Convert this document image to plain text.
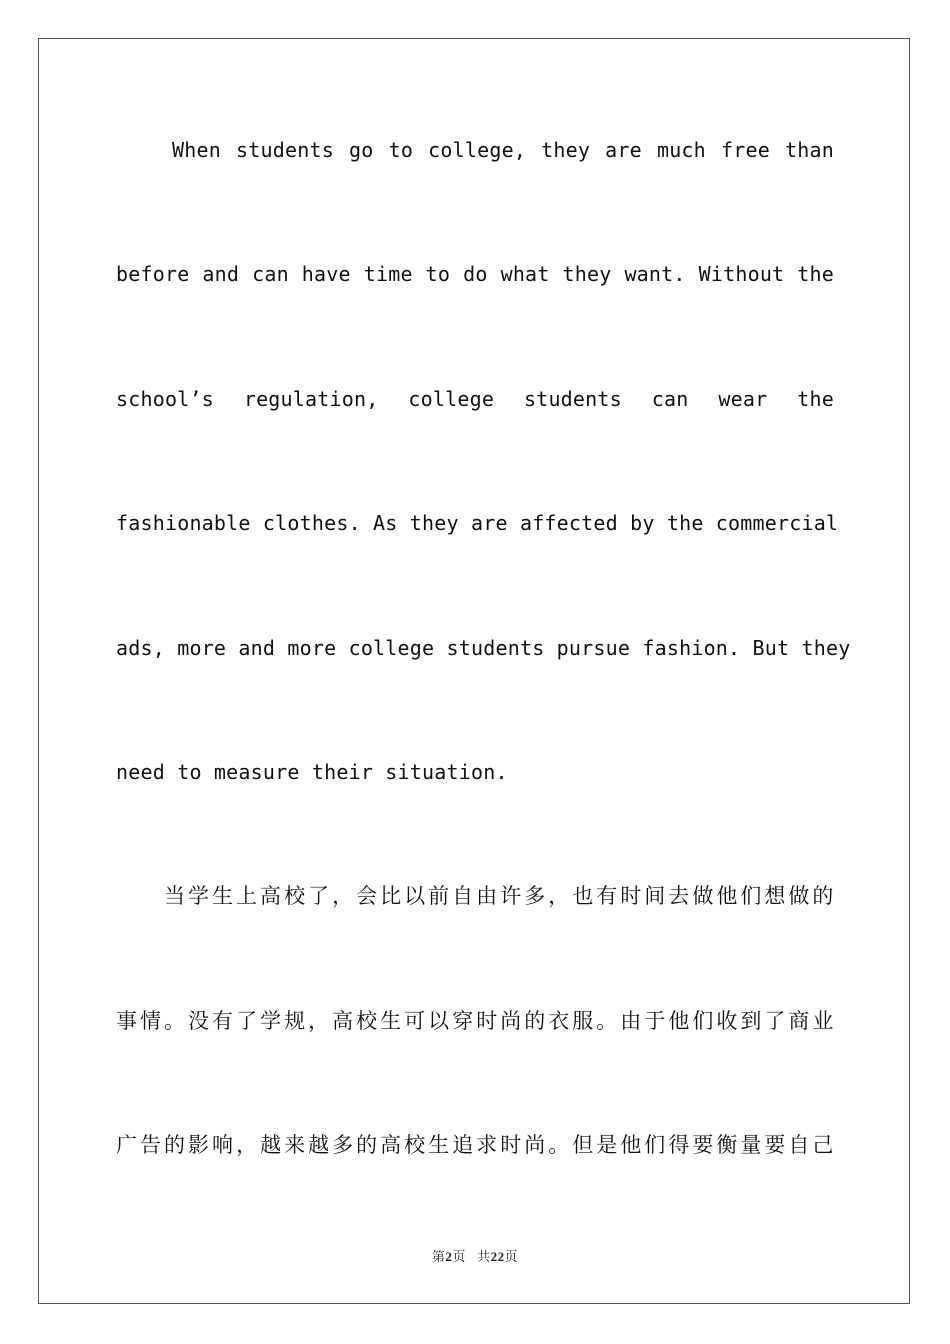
When students go to college, they are much free than
before and can have time to do what they want. Without the
school’s regulation, college students can wear the
fashionable clothes. As they are affected by the commercial
ads, more and more college students pursue fashion. But they
need to measure their situation.
当学生上高校了，会比以前自由许多，也有时间去做他们想做的
事情。没有了学规，高校生可以穿时尚的衣服。由于他们收到了商业
广告的影响，越来越多的高校生追求时尚。但是他们得要衡量要自己
第2页 共22页
